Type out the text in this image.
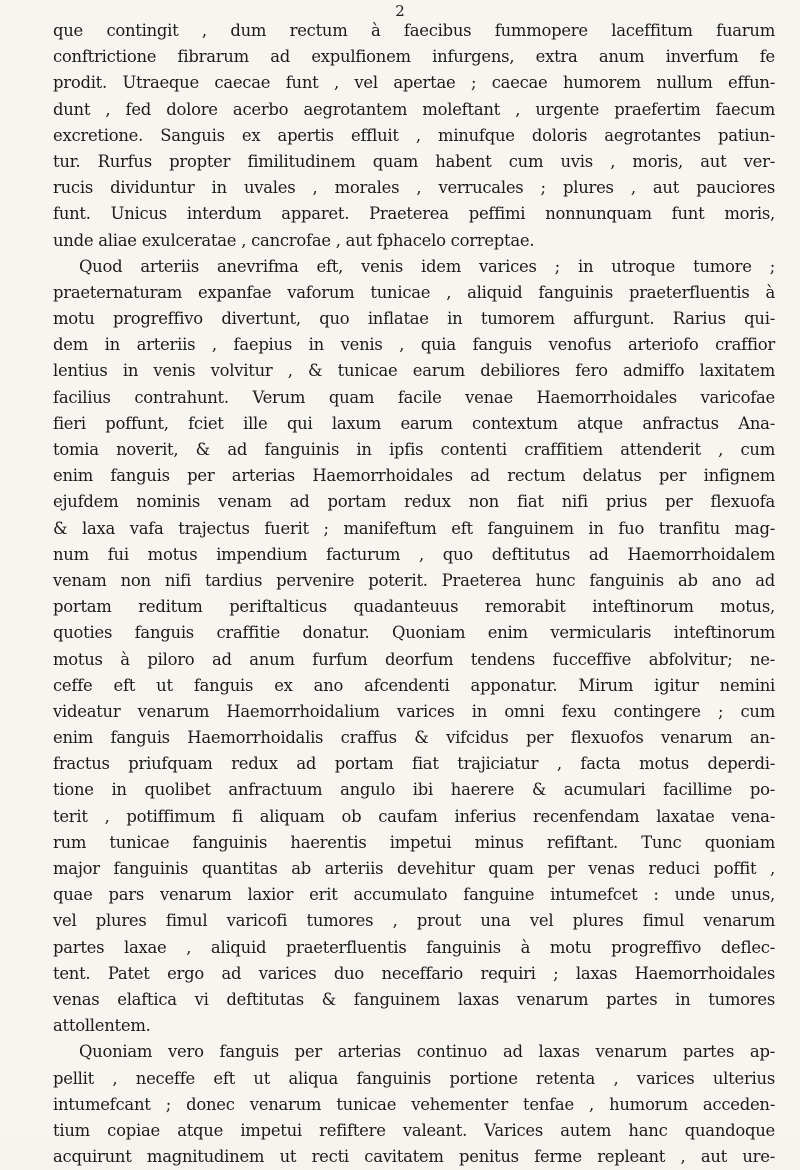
2
que contingit , dum rectum à faecibus fummopere laceffitum fuarum
conftrictione fibrarum ad expulfionem infurgens, extra anum inverfum fe
prodit. Utraeque caecae funt , vel apertae ; caecae humorem nullum effun-
dunt , fed dolore acerbo aegrotantem moleftant , urgente praefertim faecum
excretione. Sanguis ex apertis effluit , minufque doloris aegrotantes patiun-
tur. Rurfus propter fimilitudinem quam habent cum uvis , moris, aut ver-
rucis dividuntur in uvales , morales , verrucales ; plures , aut pauciores
funt. Unicus interdum apparet. Praeterea peffimi nonnunquam funt moris,
unde aliae exulceratae , cancrofae , aut fphacelo correptae.
Quod arteriis anevrifma eft, venis idem varices ; in utroque tumore ;
praeternaturam expanfae vaforum tunicae , aliquid fanguinis praeterfluentis à
motu progreffivo divertunt, quo inflatae in tumorem affurgunt. Rarius qui-
dem in arteriis , faepius in venis , quia fanguis venofus arteriofo craffior
lentius in venis volvitur , & tunicae earum debiliores fero admiffo laxitatem
facilius contrahunt. Verum quam facile venae Haemorrhoidales varicofae
fieri poffunt, fciet ille qui laxum earum contextum atque anfractus Ana-
tomia noverit, & ad fanguinis in ipfis contenti craffitiem attenderit , cum
enim fanguis per arterias Haemorrhoidales ad rectum delatus per infignem
ejufdem nominis venam ad portam redux non fiat nifi prius per flexuofa
& laxa vafa trajectus fuerit ; manifeftum eft fanguinem in fuo tranfitu mag-
num fui motus impendium facturum , quo deftitutus ad Haemorrhoidalem
venam non nifi tardius pervenire poterit. Praeterea hunc fanguinis ab ano ad
portam reditum periftalticus quadanteuus remorabit inteftinorum motus,
quoties fanguis craffitie donatur. Quoniam enim vermicularis inteftinorum
motus à piloro ad anum furfum deorfum tendens fucceffive abfolvitur; ne-
ceffe eft ut fanguis ex ano afcendenti apponatur. Mirum igitur nemini
videatur venarum Haemorrhoidalium varices in omni fexu contingere ; cum
enim fanguis Haemorrhoidalis craffus & vifcidus per flexuofos venarum an-
fractus priufquam redux ad portam fiat trajiciatur , facta motus deperdi-
tione in quolibet anfractuum angulo ibi haerere & acumulari facillime po-
terit , potiffimum fi aliquam ob caufam inferius recenfendam laxatae vena-
rum tunicae fanguinis haerentis impetui minus refiftant. Tunc quoniam
major fanguinis quantitas ab arteriis devehitur quam per venas reduci poffit ,
quae pars venarum laxior erit accumulato fanguine intumefcet : unde unus,
vel plures fimul varicofi tumores , prout una vel plures fimul venarum
partes laxae , aliquid praeterfluentis fanguinis à motu progreffivo deflec-
tent. Patet ergo ad varices duo neceffario requiri ; laxas Haemorrhoidales
venas elaftica vi deftitutas & fanguinem laxas venarum partes in tumores
attollentem.
Quoniam vero fanguis per arterias continuo ad laxas venarum partes ap-
pellit , neceffe eft ut aliqua fanguinis portione retenta , varices ulterius
intumefcant ; donec venarum tunicae vehementer tenfae , humorum acceden-
tium copiae atque impetui refiftere valeant. Varices autem hanc quandoque
acquirunt magnitudinem ut recti cavitatem penitus ferme repleant , aut ure-
